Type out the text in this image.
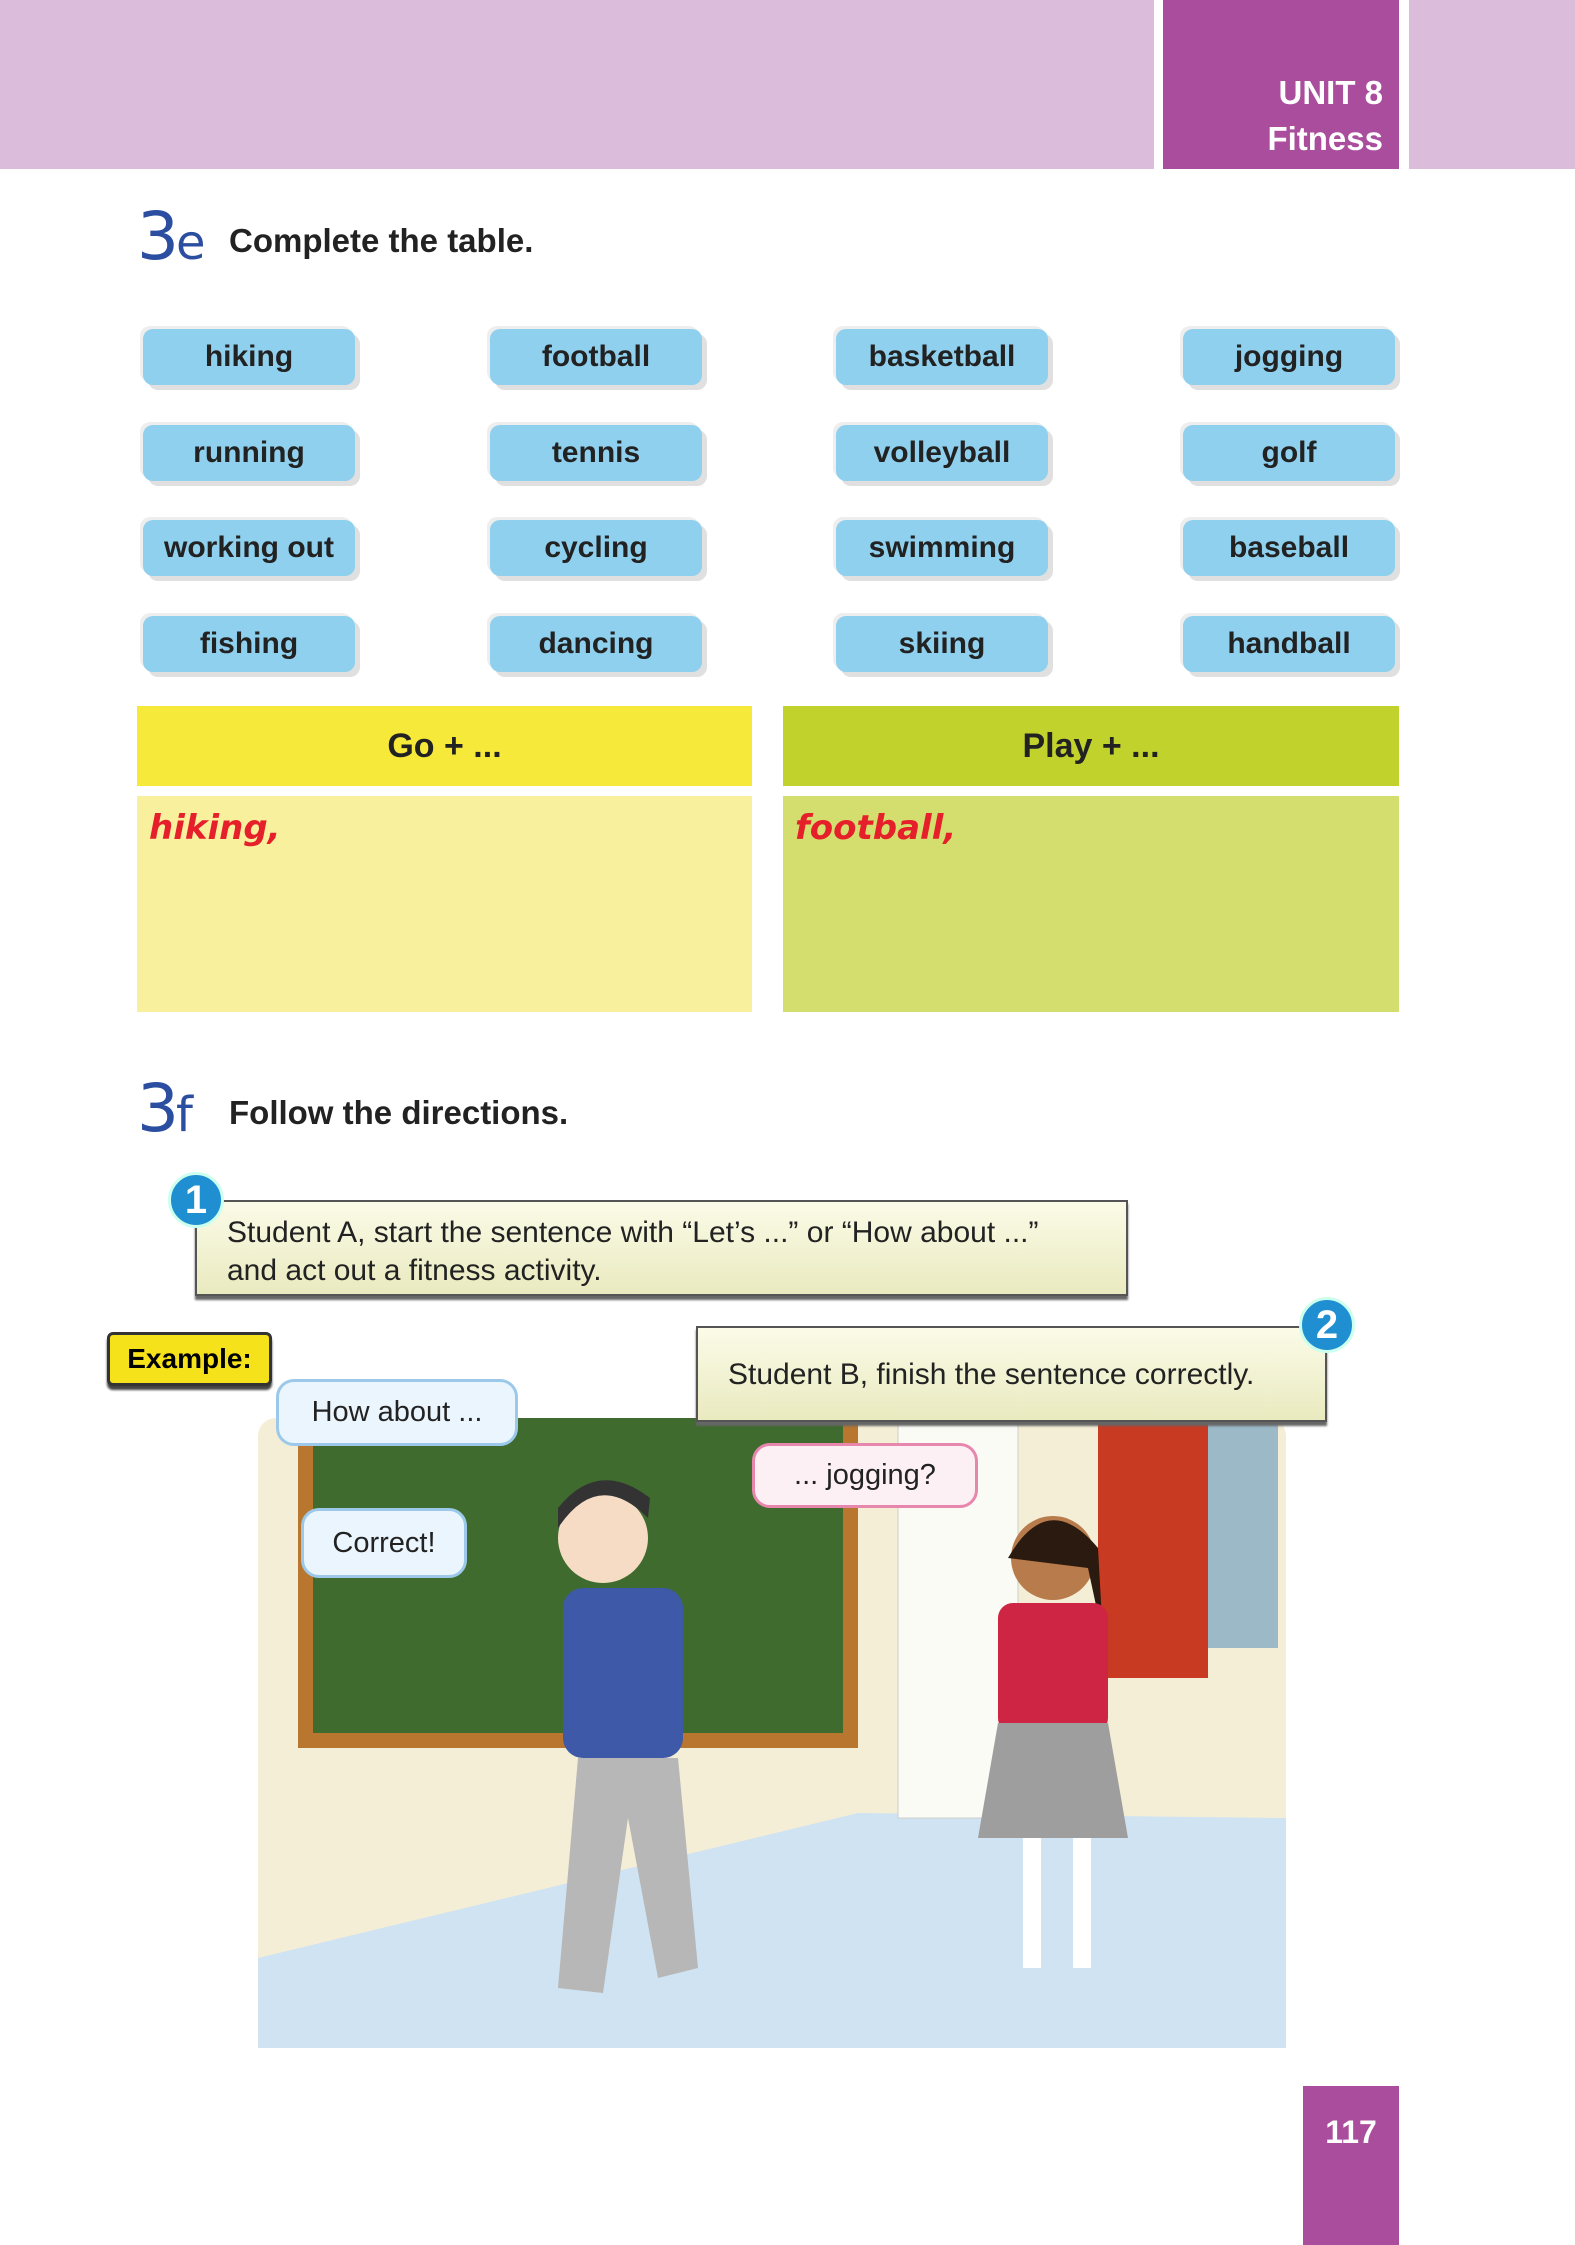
UNIT 8
Fitness
3e Complete the table.
hiking	football	basketball	jogging
running	tennis	volleyball	golf
working out	cycling	swimming	baseball
fishing	dancing	skiing	handball
Go + ...	Play + ...
hiking,	football,
3f Follow the directions.
Student A, start the sentence with “Let’s ...” or “How about ...”
and act out a fitness activity.
1
Example:	Student B, finish the sentence correctly.
2
How about ...
Correct!
... jogging?
117
